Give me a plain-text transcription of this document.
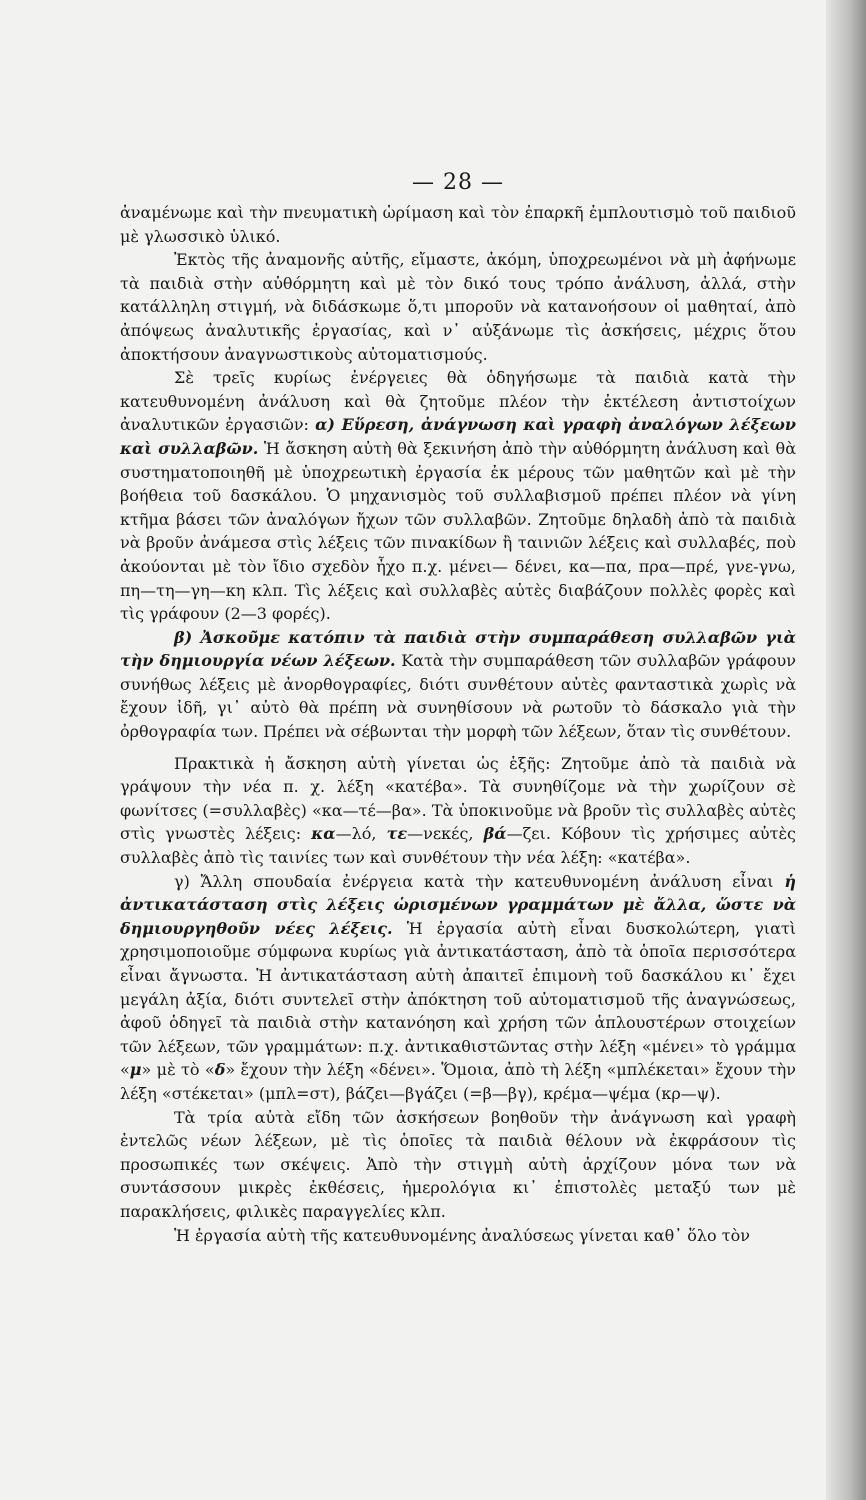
— 28 —

ἀναμένωμε καὶ τὴν πνευματικὴ ὡρίμαση καὶ τὸν ἐπαρκῆ ἐμπλουτισμὸ τοῦ παιδιοῦ μὲ γλωσσικὸ ὑλικό.

Ἐκτὸς τῆς ἀναμονῆς αὐτῆς, εἴμαστε, ἀκόμη, ὑποχρεωμένοι νὰ μὴ ἀφήνωμε τὰ παιδιὰ στὴν αὐθόρμητη καὶ μὲ τὸν δικό τους τρόπο ἀνάλυση, ἀλλά, στὴν κατάλληλη στιγμή, νὰ διδάσκωμε ὅ,τι μποροῦν νὰ κατανοήσουν οἱ μαθηταί, ἀπὸ ἀπόψεως ἀναλυτικῆς ἐργασίας, καὶ ν᾽ αὐξάνωμε τὶς ἀσκήσεις, μέχρις ὅτου ἀποκτήσουν ἀναγνωστικοὺς αὐτοματισμούς.

Σὲ τρεῖς κυρίως ἐνέργειες θὰ ὁδηγήσωμε τὰ παιδιὰ κατὰ τὴν κατευθυνομένη ἀνάλυση καὶ θὰ ζητοῦμε πλέον τὴν ἐκτέλεση ἀντιστοίχων ἀναλυτικῶν ἐργασιῶν: α) Εὕρεση, ἀνάγνωση καὶ γραφὴ ἀναλόγων λέξεων καὶ συλλαβῶν. Ἡ ἄσκηση αὐτὴ θὰ ξεκινήση ἀπὸ τὴν αὐθόρμητη ἀνάλυση καὶ θὰ συστηματοποιηθῆ μὲ ὑποχρεωτικὴ ἐργασία ἐκ μέρους τῶν μαθητῶν καὶ μὲ τὴν βοήθεια τοῦ δασκάλου. Ὁ μηχανισμὸς τοῦ συλλαβισμοῦ πρέπει πλέον νὰ γίνη κτῆμα βάσει τῶν ἀναλόγων ἤχων τῶν συλλαβῶν. Ζητοῦμε δηλαδὴ ἀπὸ τὰ παιδιὰ νὰ βροῦν ἀνάμεσα στὶς λέξεις τῶν πινακίδων ἢ ταινιῶν λέξεις καὶ συλλαβές, ποὺ ἀκούονται μὲ τὸν ἴδιο σχεδὸν ἦχο π.χ. μένει— δένει, κα—πα, πρα—πρέ, γνε-γνω, πη—τη—γη—κη κλπ. Τὶς λέξεις καὶ συλλαβὲς αὐτὲς διαβάζουν πολλὲς φορὲς καὶ τὶς γράφουν (2—3 φορές).

β) Ἀσκοῦμε κατόπιν τὰ παιδιὰ στὴν συμπαράθεση συλλαβῶν γιὰ τὴν δημιουργία νέων λέξεων. Κατὰ τὴν συμπαράθεση τῶν συλλαβῶν γράφουν συνήθως λέξεις μὲ ἀνορθογραφίες, διότι συνθέτουν αὐτὲς φανταστικὰ χωρὶς νὰ ἔχουν ἰδῆ, γι᾽ αὐτὸ θὰ πρέπη νὰ συνηθίσουν νὰ ρωτοῦν τὸ δάσκαλο γιὰ τὴν ὀρθογραφία των. Πρέπει νὰ σέβωνται τὴν μορφὴ τῶν λέξεων, ὅταν τὶς συνθέτουν.

Πρακτικὰ ἡ ἄσκηση αὐτὴ γίνεται ὡς ἑξῆς: Ζητοῦμε ἀπὸ τὰ παιδιὰ νὰ γράψουν τὴν νέα π. χ. λέξη «κατέβα». Τὰ συνηθίζομε νὰ τὴν χωρίζουν σὲ φωνίτσες (=συλλαβὲς) «κα—τέ—βα». Τὰ ὑποκινοῦμε νὰ βροῦν τὶς συλλαβὲς αὐτὲς στὶς γνωστὲς λέξεις: κα—λό, τε—νεκές, βά—ζει. Κόβουν τὶς χρήσιμες αὐτὲς συλλαβὲς ἀπὸ τὶς ταινίες των καὶ συνθέτουν τὴν νέα λέξη: «κατέβα».

γ) Ἄλλη σπουδαία ἐνέργεια κατὰ τὴν κατευθυνομένη ἀνάλυση εἶναι ἡ ἀντικατάσταση στὶς λέξεις ὡρισμένων γραμμάτων μὲ ἄλλα, ὥστε νὰ δημιουργηθοῦν νέες λέξεις. Ἡ ἐργασία αὐτὴ εἶναι δυσκολώτερη, γιατὶ χρησιμοποιοῦμε σύμφωνα κυρίως γιὰ ἀντικατάσταση, ἀπὸ τὰ ὁποῖα περισσότερα εἶναι ἄγνωστα. Ἡ ἀντικατάσταση αὐτὴ ἀπαιτεῖ ἐπιμονὴ τοῦ δασκάλου κι᾽ ἔχει μεγάλη ἀξία, διότι συντελεῖ στὴν ἀπόκτηση τοῦ αὐτοματισμοῦ τῆς ἀναγνώσεως, ἀφοῦ ὁδηγεῖ τὰ παιδιὰ στὴν κατανόηση καὶ χρήση τῶν ἁπλουστέρων στοιχείων τῶν λέξεων, τῶν γραμμάτων: π.χ. ἀντικαθιστῶντας στὴν λέξη «μένει» τὸ γράμμα «μ» μὲ τὸ «δ» ἔχουν τὴν λέξη «δένει». Ὅμοια, ἀπὸ τὴ λέξη «μπλέκεται» ἔχουν τὴν λέξη «στέκεται» (μπλ=στ), βάζει—βγάζει (=β—βγ), κρέμα—ψέμα (κρ—ψ).

Τὰ τρία αὐτὰ εἴδη τῶν ἀσκήσεων βοηθοῦν τὴν ἀνάγνωση καὶ γραφὴ ἐντελῶς νέων λέξεων, μὲ τὶς ὁποῖες τὰ παιδιὰ θέλουν νὰ ἐκφράσουν τὶς προσωπικές των σκέψεις. Ἀπὸ τὴν στιγμὴ αὐτὴ ἀρχίζουν μόνα των νὰ συντάσσουν μικρὲς ἐκθέσεις, ἡμερολόγια κι᾽ ἐπιστολὲς μεταξύ των μὲ παρακλήσεις, φιλικὲς παραγγελίες κλπ.

Ἡ ἐργασία αὐτὴ τῆς κατευθυνομένης ἀναλύσεως γίνεται καθ᾽ ὅλο τὸν
